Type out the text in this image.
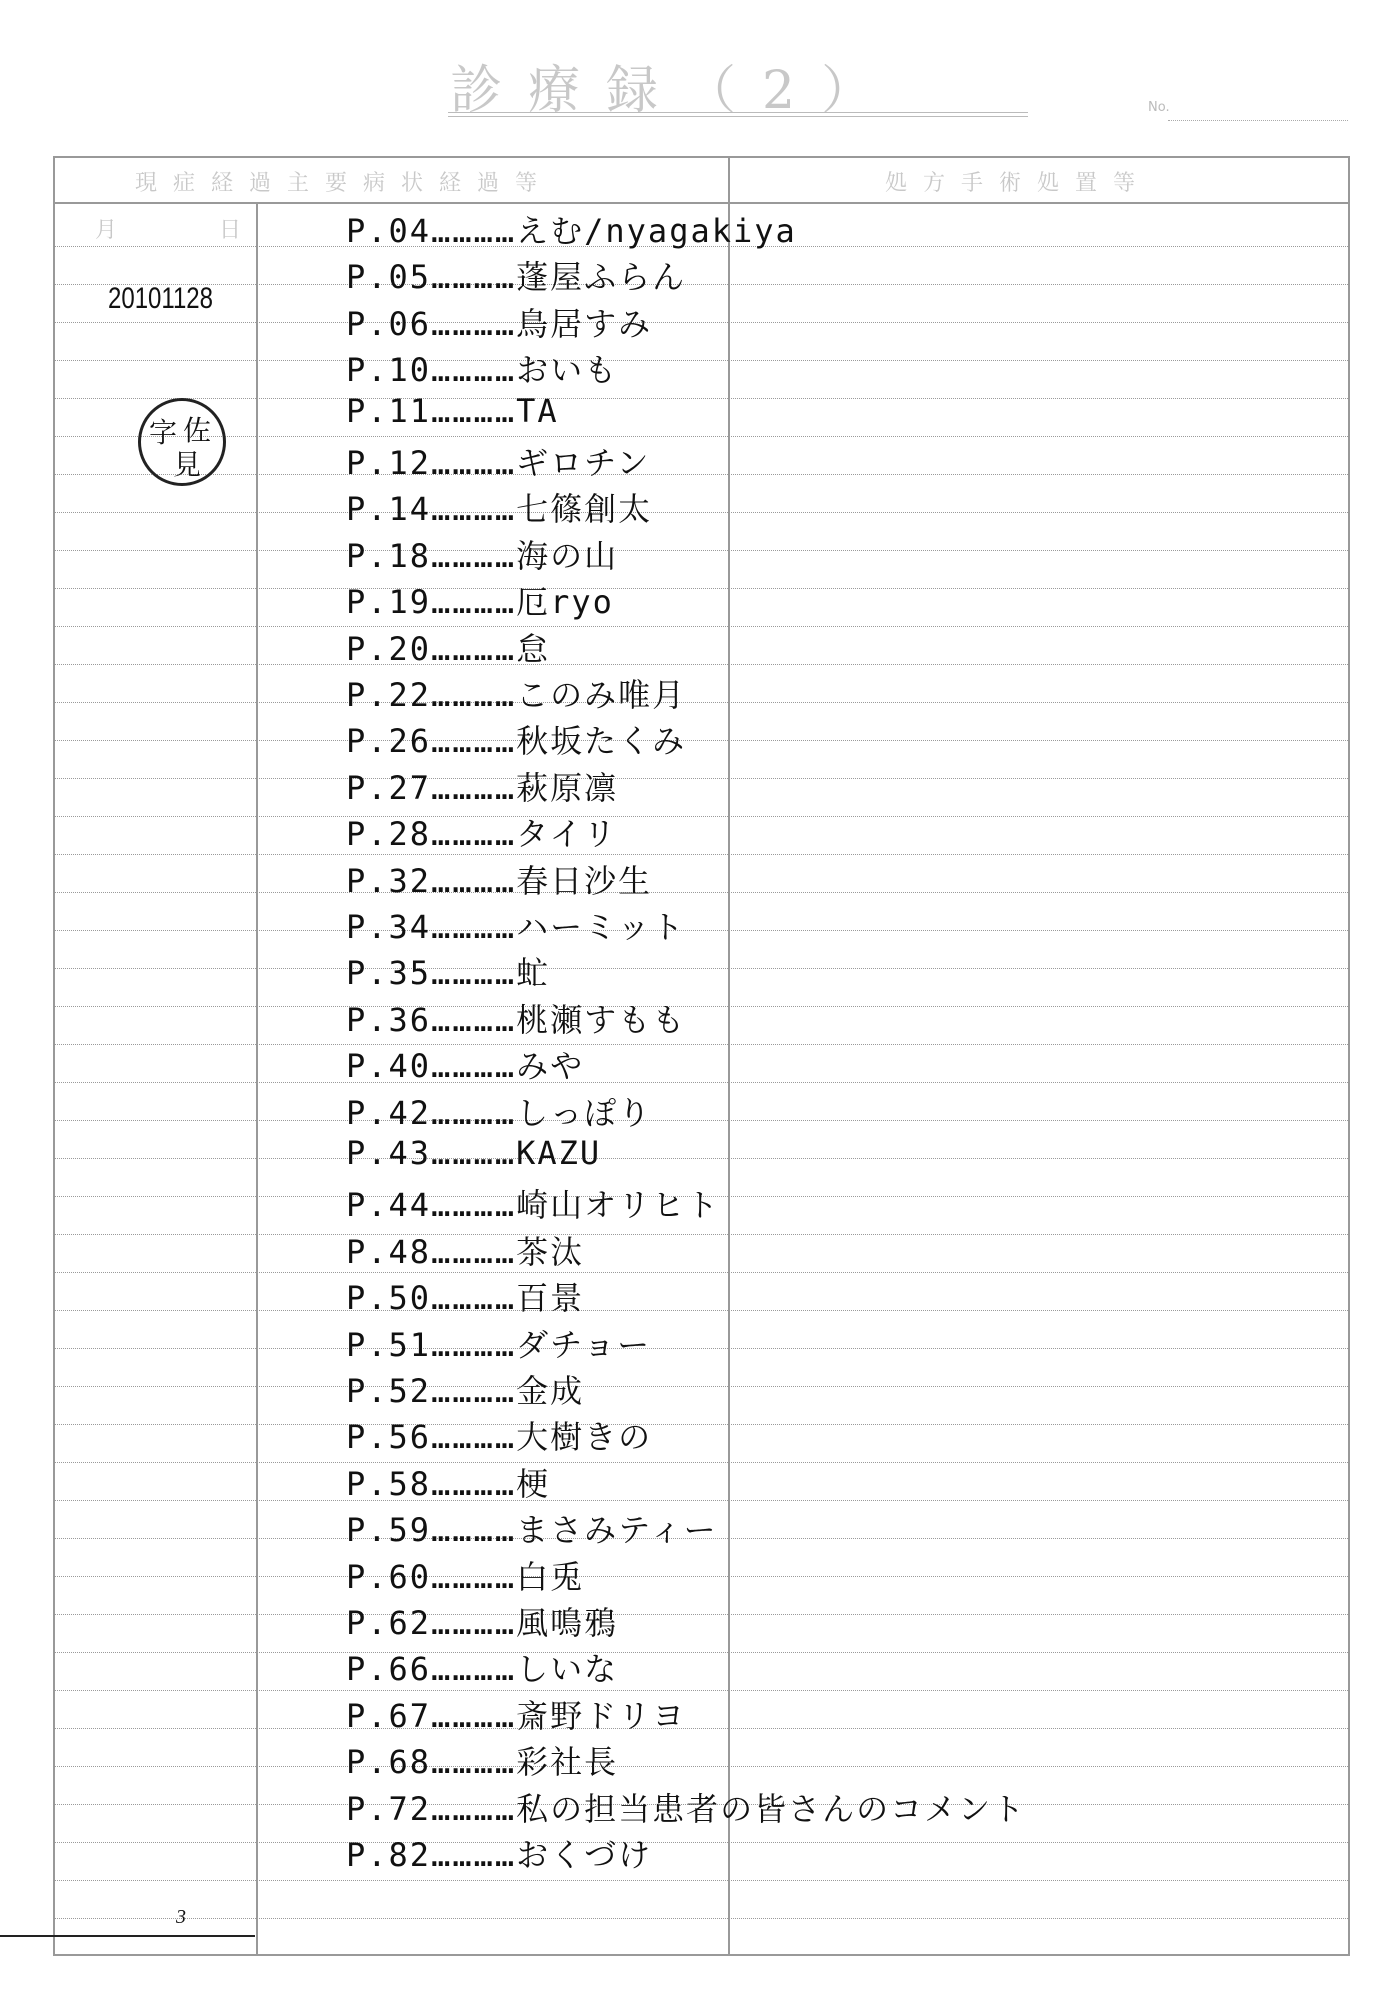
診療録（2）	No.
現症経過主要病状経過等	処方手術処置等
月　日
20101128
字 佐
見
P.04…………えむ/nyagakiya
P.05…………蓬屋ふらん
P.06…………鳥居すみ
P.10…………おいも
P.11…………TA
P.12…………ギロチン
P.14…………七篠創太
P.18…………海の山
P.19…………厄ryo
P.20…………怠
P.22…………このみ唯月
P.26…………秋坂たくみ
P.27…………萩原凛
P.28…………タイリ
P.32…………春日沙生
P.34…………ハーミット
P.35…………虻
P.36…………桃瀬すもも
P.40…………みや
P.42…………しっぽり
P.43…………KAZU
P.44…………崎山オリヒト
P.48…………茶汰
P.50…………百景
P.51…………ダチョー
P.52…………金成
P.56…………大樹きの
P.58…………梗
P.59…………まさみティー
P.60…………白兎
P.62…………風鳴鴉
P.66…………しいな
P.67…………斎野ドリヨ
P.68…………彩社長
P.72…………私の担当患者の皆さんのコメント
P.82…………おくづけ
3
